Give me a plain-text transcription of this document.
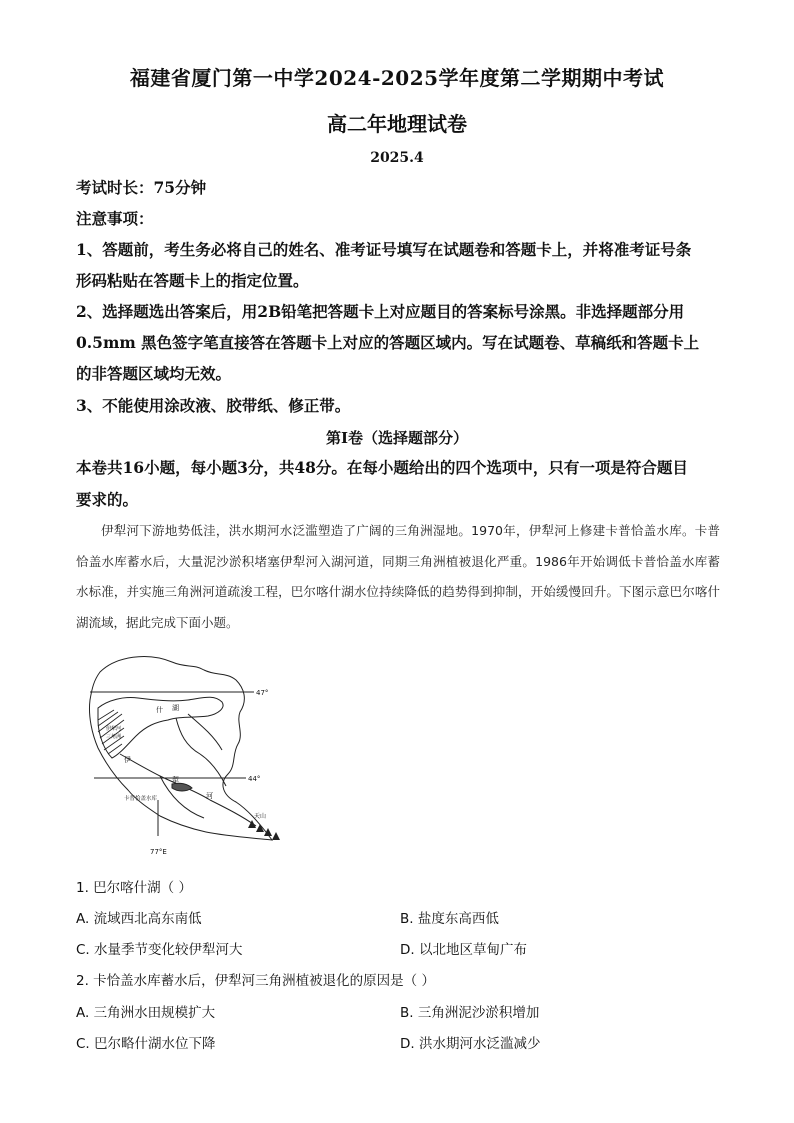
福建省厦门第一中学2024-2025学年度第二学期期中考试
高二年地理试卷
2025.4
考试时长：75分钟
注意事项：
1、答题前，考生务必将自己的姓名、准考证号填写在试题卷和答题卡上，并将准考证号条
形码粘贴在答题卡上的指定位置。
2、选择题选出答案后，用2B铅笔把答题卡上对应题目的答案标号涂黑。非选择题部分用
0.5mm 黑色签字笔直接答在答题卡上对应的答题区域内。写在试题卷、草稿纸和答题卡上
的非答题区域均无效。
3、不能使用涂改液、胶带纸、修正带。
第Ⅰ卷（选择题部分）
本卷共16小题，每小题3分，共48分。在每小题给出的四个选项中，只有一项是符合题目
要求的。
伊犁河下游地势低洼，洪水期河水泛滥塑造了广阔的三角洲湿地。1970年，伊犁河上修建卡普恰盖水库。卡普恰盖水库蓄水后，大量泥沙淤积堵塞伊犁河入湖河道，同期三角洲植被退化严重。1986年开始调低卡普恰盖水库蓄水标准，并实施三角洲河道疏浚工程，巴尔喀什湖水位持续降低的趋势得到抑制，开始缓慢回升。下图示意巴尔喀什湖流域，据此完成下面小题。
47°
44°
77°E
什 湖
伊犁河
三角洲
伊
犁
河
卡普恰盖水库
天山
1. 巴尔喀什湖（ ）
A. 流域西北高东南低	B. 盐度东高西低
C. 水量季节变化较伊犁河大	D. 以北地区草甸广布
2. 卡恰盖水库蓄水后，伊犁河三角洲植被退化的原因是（ ）
A. 三角洲水田规模扩大	B. 三角洲泥沙淤积增加
C. 巴尔略什湖水位下降	D. 洪水期河水泛滥减少
